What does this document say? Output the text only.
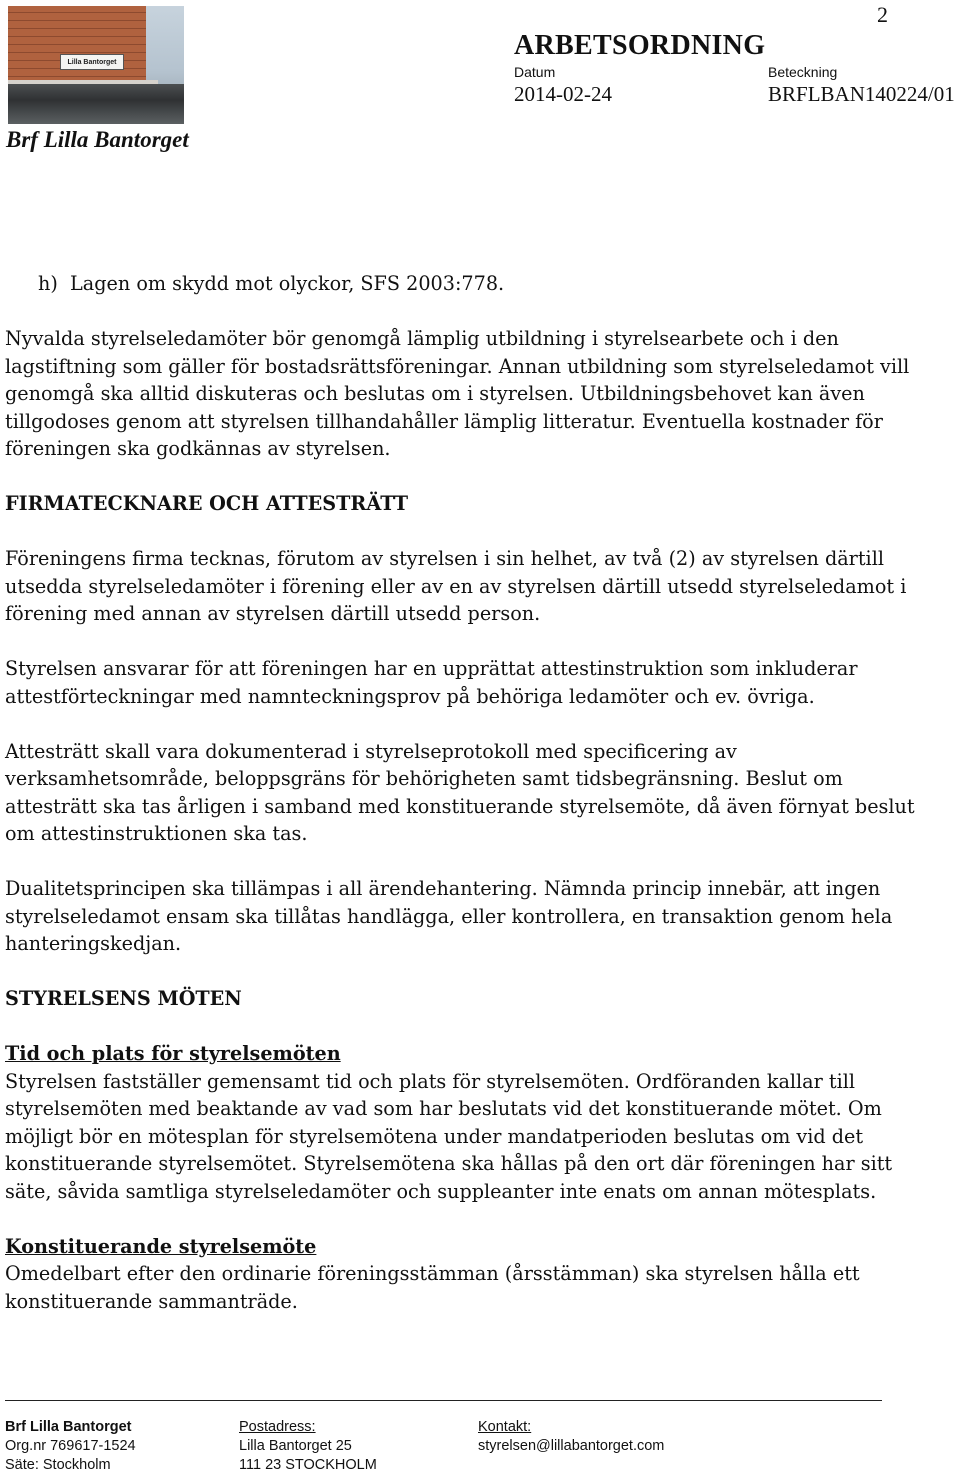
Lilla Bantorget
Brf Lilla Bantorget
2
ARBETSORDNING
Datum
2014-02-24
Beteckning
BRFLBAN140224/01

h)  Lagen om skydd mot olyckor, SFS 2003:778.

Nyvalda styrelseledamöter bör genomgå lämplig utbildning i styrelsearbete och i den lagstiftning som gäller för bostadsrättsföreningar. Annan utbildning som styrelseledamot vill genomgå ska alltid diskuteras och beslutas om i styrelsen. Utbildningsbehovet kan även tillgodoses genom att styrelsen tillhandahåller lämplig litteratur. Eventuella kostnader för föreningen ska godkännas av styrelsen.

FIRMATECKNARE OCH ATTESTRÄTT

Föreningens firma tecknas, förutom av styrelsen i sin helhet, av två (2) av styrelsen därtill utsedda styrelseledamöter i förening eller av en av styrelsen därtill utsedd styrelseledamot i förening med annan av styrelsen därtill utsedd person.

Styrelsen ansvarar för att föreningen har en upprättat attestinstruktion som inkluderar attestförteckningar med namnteckningsprov på behöriga ledamöter och ev. övriga.

Attesträtt skall vara dokumenterad i styrelseprotokoll med specificering av verksamhetsområde, beloppsgräns för behörigheten samt tidsbegränsning. Beslut om attesträtt ska tas årligen i samband med konstituerande styrelsemöte, då även förnyat beslut om attestinstruktionen ska tas.

Dualitetsprincipen ska tillämpas i all ärendehantering. Nämnda princip innebär, att ingen styrelseledamot ensam ska tillåtas handlägga, eller kontrollera, en transaktion genom hela hanteringskedjan.

STYRELSENS MÖTEN

Tid och plats för styrelsemöten

Styrelsen fastställer gemensamt tid och plats för styrelsemöten. Ordföranden kallar till styrelsemöten med beaktande av vad som har beslutats vid det konstituerande mötet. Om möjligt bör en mötesplan för styrelsemötena under mandatperioden beslutas om vid det konstituerande styrelsemötet. Styrelsemötena ska hållas på den ort där föreningen har sitt säte, såvida samtliga styrelseledamöter och suppleanter inte enats om annan mötesplats.

Konstituerande styrelsemöte

Omedelbart efter den ordinarie föreningsstämman (årsstämman) ska styrelsen hålla ett konstituerande sammanträde.

Brf Lilla Bantorget
Org.nr 769617-1524
Säte: Stockholm
Postadress:
Lilla Bantorget 25
111 23 STOCKHOLM
Kontakt:
styrelsen@lillabantorget.com
